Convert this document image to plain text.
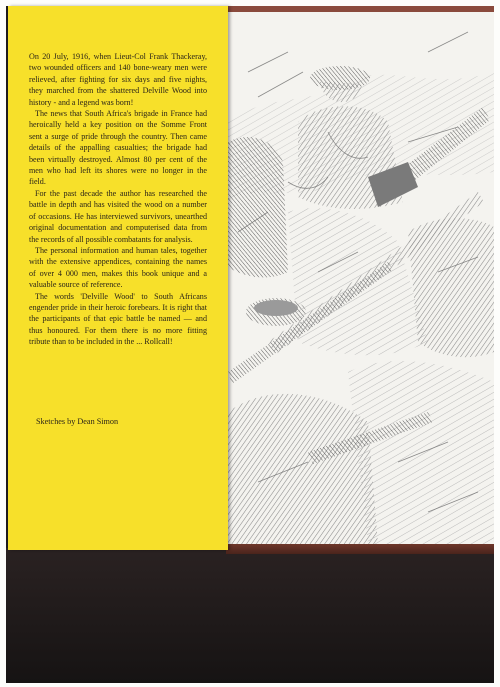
On 20 July, 1916, when Lieut-Col Frank Thackeray, two wounded officers and 140 bone-weary men were relieved, after fighting for six days and five nights, they marched from the shattered Delville Wood into history - and a legend was born!

The news that South Africa's brigade in France had heroically held a key position on the Somme Front sent a surge of pride through the country. Then came details of the appalling casualties; the brigade had been virtually destroyed. Almost 80 per cent of the men who had left its shores were no longer in the field.

For the past decade the author has researched the battle in depth and has visited the wood on a number of occasions. He has interviewed survivors, unearthed original documentation and computerised data from the records of all possible combatants for analysis.

The personal information and human tales, together with the extensive appendices, containing the names of over 4 000 men, makes this book unique and a valuable source of reference.

The words 'Delville Wood' to South Africans engender pride in their heroic forebears. It is right that the participants of that epic battle be named — and thus honoured. For them there is no more fitting tribute than to be included in the ... Rollcall!

Sketches by Dean Simon
